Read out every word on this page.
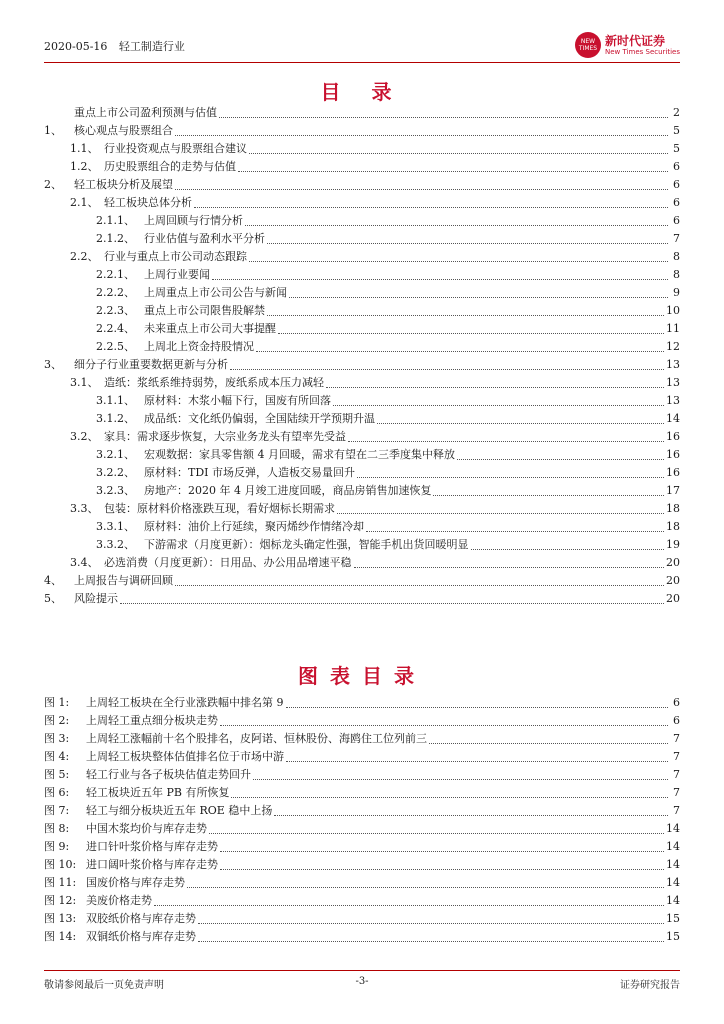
2020-05-16 轻工制造行业	NEW TIMES
新时代证券
New Times Securities
目 录
重点上市公司盈利预测与估值	2
1、	核心观点与股票组合	5
1.1、 行业投资观点与股票组合建议	5
1.2、 历史股票组合的走势与估值	6
2、	轻工板块分析及展望	6
2.1、 轻工板块总体分析	6
2.1.1、 上周回顾与行情分析	6
2.1.2、 行业估值与盈利水平分析	7
2.2、 行业与重点上市公司动态跟踪	8
2.2.1、 上周行业要闻	8
2.2.2、 上周重点上市公司公告与新闻	9
2.2.3、 重点上市公司限售股解禁	10
2.2.4、 未来重点上市公司大事提醒	11
2.2.5、 上周北上资金持股情况	12
3、	细分子行业重要数据更新与分析	13
3.1、 造纸：浆纸系维持弱势，废纸系成本压力减轻	13
3.1.1、 原材料：木浆小幅下行，国废有所回落	13
3.1.2、 成品纸：文化纸仍偏弱，全国陆续开学预期升温	14
3.2、 家具：需求逐步恢复，大宗业务龙头有望率先受益	16
3.2.1、 宏观数据：家具零售额 4 月回暖，需求有望在二三季度集中释放	16
3.2.2、 原材料：TDI 市场反弹，人造板交易量回升	16
3.2.3、 房地产：2020 年 4 月竣工进度回暖，商品房销售加速恢复	17
3.3、 包装：原材料价格涨跌互现，看好烟标长期需求	18
3.3.1、 原材料：油价上行延续，聚丙烯纱作情绪冷却	18
3.3.2、 下游需求（月度更新）：烟标龙头确定性强，智能手机出货回暖明显	19
3.4、 必选消费（月度更新）：日用品、办公用品增速平稳	20
4、	上周报告与调研回顾	20
5、	风险提示	20
图表目录
图 1:	上周轻工板块在全行业涨跌幅中排名第 9	6
图 2:	上周轻工重点细分板块走势	6
图 3:	上周轻工涨幅前十名个股排名，皮阿诺、恒林股份、海鸥住工位列前三	7
图 4:	上周轻工板块整体估值排名位于市场中游	7
图 5:	轻工行业与各子板块估值走势回升	7
图 6:	轻工板块近五年 PB 有所恢复	7
图 7:	轻工与细分板块近五年 ROE 稳中上扬	7
图 8:	中国木浆均价与库存走势	14
图 9:	进口针叶浆价格与库存走势	14
图 10: 进口阔叶浆价格与库存走势	14
图 11: 国废价格与库存走势	14
图 12: 美废价格走势	14
图 13: 双胶纸价格与库存走势	15
图 14: 双铜纸价格与库存走势	15
敬请参阅最后一页免责声明	-3-	证券研究报告
